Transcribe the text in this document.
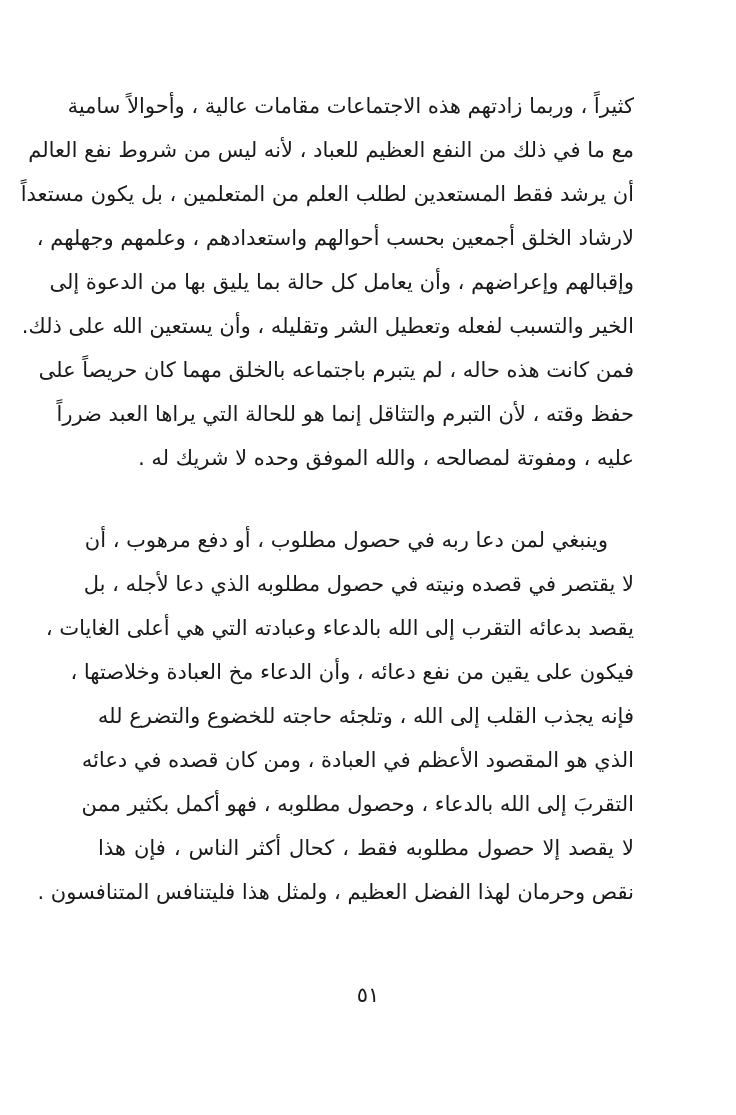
كثيراً ، وربما زادتهم هذه الاجتماعات مقامات عالية ، وأحوالاً سامية
مع ما في ذلك من النفع العظيم للعباد ، لأنه ليس من شروط نفع العالم
أن يرشد فقط المستعدين لطلب العلم من المتعلمين ، بل يكون مستعداً
لارشاد الخلق أجمعين بحسب أحوالهم واستعدادهم ، وعلمهم وجهلهم ،
وإقبالهم وإعراضهم ، وأن يعامل كل حالة بما يليق بها من الدعوة إلى
الخير والتسبب لفعله وتعطيل الشر وتقليله ، وأن يستعين الله على ذلك.
فمن كانت هذه حاله ، لم يتبرم باجتماعه بالخلق مهما كان حريصاً على
حفظ وقته ، لأن التبرم والتثاقل إنما هو للحالة التي يراها العبد ضرراً
عليه ، ومفوتة لمصالحه ، والله الموفق وحده لا شريك له .
وينبغي لمن دعا ربه في حصول مطلوب ، أو دفع مرهوب ، أن
لا يقتصر في قصده ونيته في حصول مطلوبه الذي دعا لأجله ، بل
يقصد بدعائه التقرب إلى الله بالدعاء وعبادته التي هي أعلى الغايات ،
فيكون على يقين من نفع دعائه ، وأن الدعاء مخ العبادة وخلاصتها ،
فإنه يجذب القلب إلى الله ، وتلجئه حاجته للخضوع والتضرع لله
الذي هو المقصود الأعظم في العبادة ، ومن كان قصده في دعائه
التقربَ إلى الله بالدعاء ، وحصول مطلوبه ، فهو أكمل بكثير ممن
لا يقصد إلا حصول مطلوبه فقط ، كحال أكثر الناس ، فإن هذا
نقص وحرمان لهذا الفضل العظيم ، ولمثل هذا فليتنافس المتنافسون .
٥١
